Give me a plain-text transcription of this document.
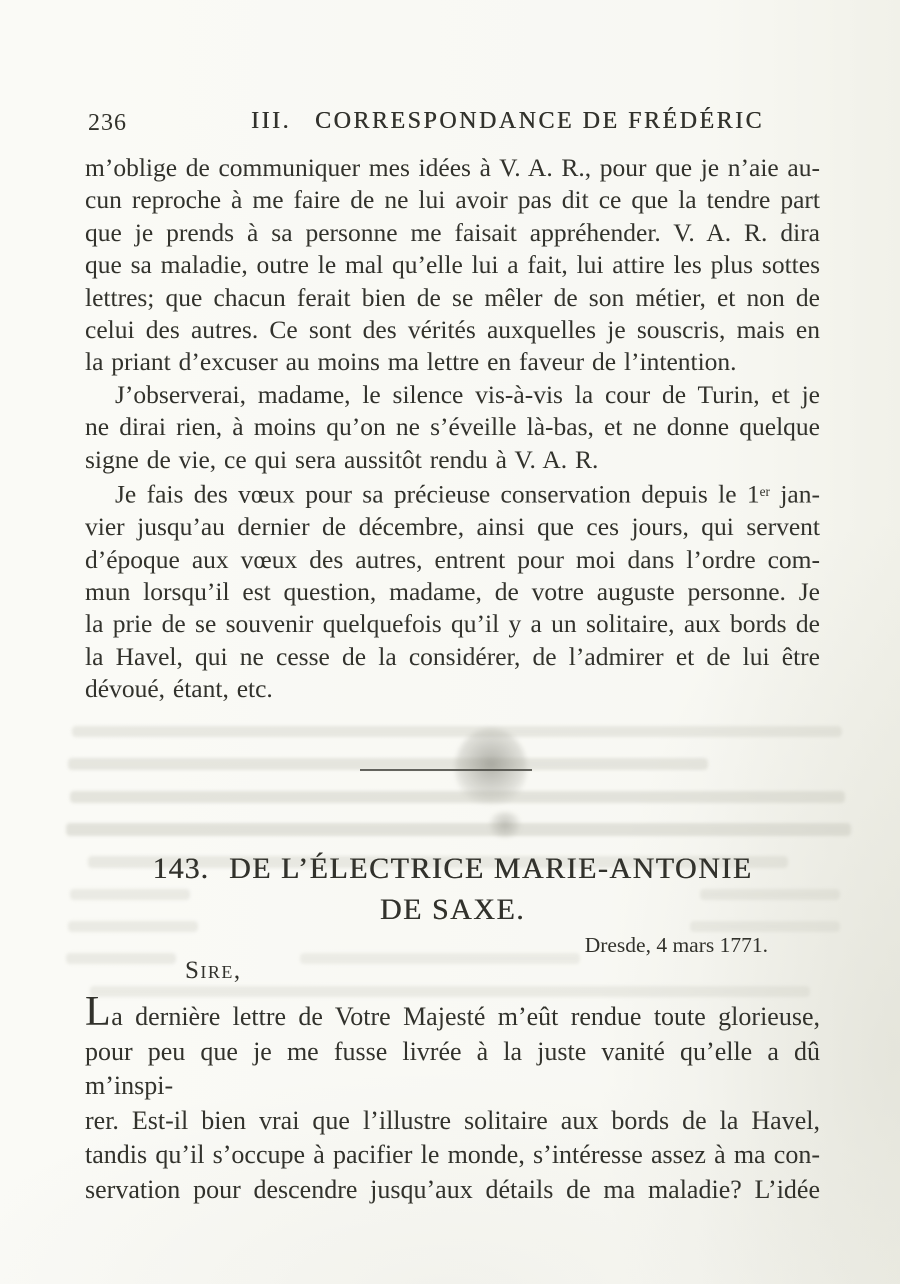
236	III. CORRESPONDANCE DE FRÉDÉRIC
m’oblige de communiquer mes idées à V. A. R., pour que je n’aie au-
cun reproche à me faire de ne lui avoir pas dit ce que la tendre part
que je prends à sa personne me faisait appréhender. V. A. R. dira
que sa maladie, outre le mal qu’elle lui a fait, lui attire les plus sottes
lettres; que chacun ferait bien de se mêler de son métier, et non de
celui des autres. Ce sont des vérités auxquelles je souscris, mais en
la priant d’excuser au moins ma lettre en faveur de l’intention.
J’observerai, madame, le silence vis-à-vis la cour de Turin, et je
ne dirai rien, à moins qu’on ne s’éveille là-bas, et ne donne quelque
signe de vie, ce qui sera aussitôt rendu à V. A. R.
Je fais des vœux pour sa précieuse conservation depuis le 1er jan-
vier jusqu’au dernier de décembre, ainsi que ces jours, qui servent
d’époque aux vœux des autres, entrent pour moi dans l’ordre com-
mun lorsqu’il est question, madame, de votre auguste personne. Je
la prie de se souvenir quelquefois qu’il y a un solitaire, aux bords de
la Havel, qui ne cesse de la considérer, de l’admirer et de lui être
dévoué, étant, etc.
143. DE L’ÉLECTRICE MARIE-ANTONIE
DE SAXE.
Dresde, 4 mars 1771.
Sire,
La dernière lettre de Votre Majesté m’eût rendue toute glorieuse,
pour peu que je me fusse livrée à la juste vanité qu’elle a dû m’inspi-
rer. Est-il bien vrai que l’illustre solitaire aux bords de la Havel,
tandis qu’il s’occupe à pacifier le monde, s’intéresse assez à ma con-
servation pour descendre jusqu’aux détails de ma maladie? L’idée
